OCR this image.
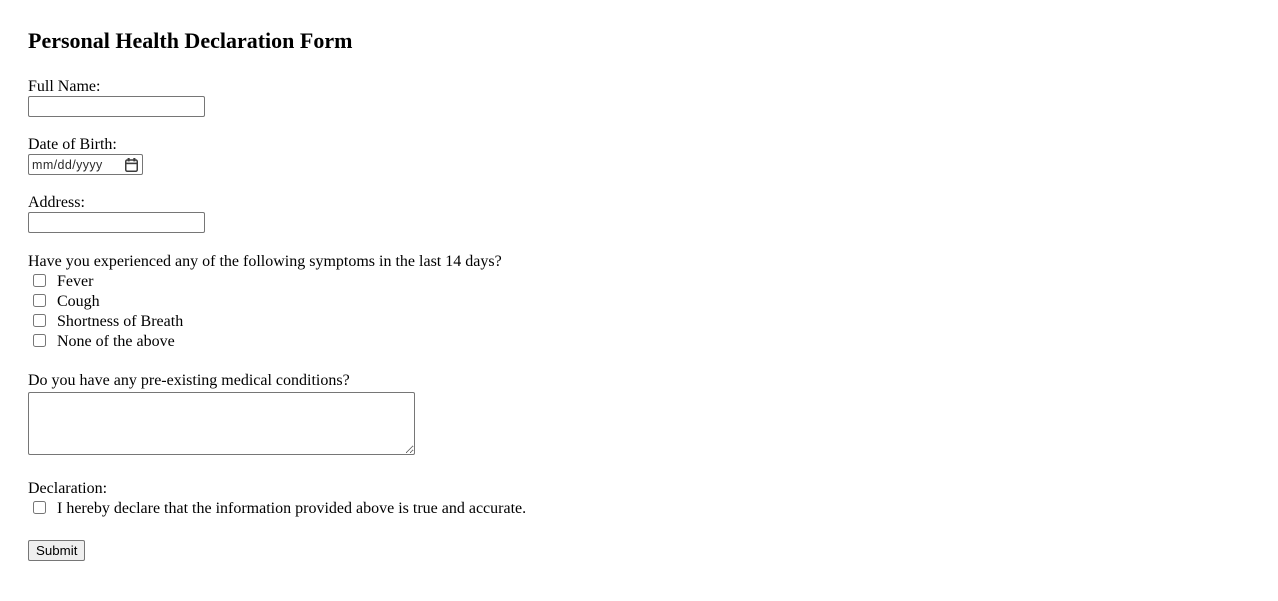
Personal Health Declaration Form
Full Name:
Date of Birth:
mm/dd/yyyy
Address:
Have you experienced any of the following symptoms in the last 14 days?
Fever
Cough
Shortness of Breath
None of the above
Do you have any pre-existing medical conditions?
Declaration:
I hereby declare that the information provided above is true and accurate.
Submit
